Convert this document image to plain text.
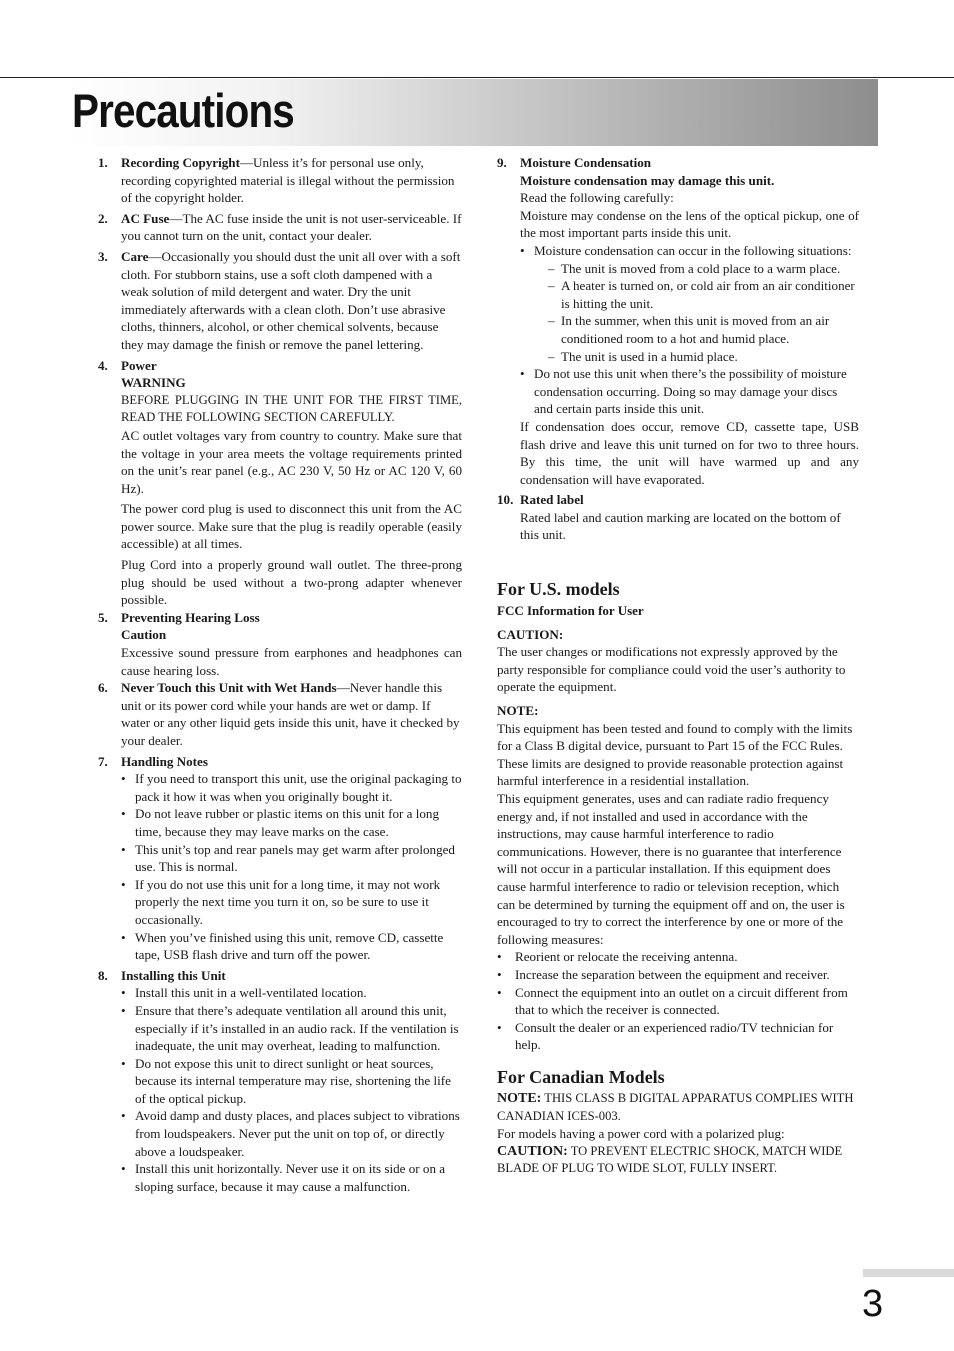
Precautions
1.	Recording Copyright—Unless it’s for personal use only, recording copyrighted material is illegal without the permission of the copyright holder.

2.	AC Fuse—The AC fuse inside the unit is not user-serviceable. If you cannot turn on the unit, contact your dealer.

3.	Care—Occasionally you should dust the unit all over with a soft cloth. For stubborn stains, use a soft cloth dampened with a weak solution of mild detergent and water. Dry the unit immediately afterwards with a clean cloth. Don’t use abrasive cloths, thinners, alcohol, or other chemical solvents, because they may damage the finish or remove the panel lettering.

4.	Power

WARNING

BEFORE PLUGGING IN THE UNIT FOR THE FIRST TIME, READ THE FOLLOWING SECTION CAREFULLY.

AC outlet voltages vary from country to country. Make sure that the voltage in your area meets the voltage requirements printed on the unit’s rear panel (e.g., AC 230 V, 50 Hz or AC 120 V, 60 Hz).

The power cord plug is used to disconnect this unit from the AC power source. Make sure that the plug is readily operable (easily accessible) at all times.

Plug Cord into a properly ground wall outlet. The three-prong plug should be used without a two-prong adapter whenever possible.

5.	Preventing Hearing Loss

Caution

Excessive sound pressure from earphones and headphones can cause hearing loss.

6.	Never Touch this Unit with Wet Hands—Never handle this unit or its power cord while your hands are wet or damp. If water or any other liquid gets inside this unit, have it checked by your dealer.

7.	Handling Notes

• If you need to transport this unit, use the original packaging to pack it how it was when you originally bought it.
• Do not leave rubber or plastic items on this unit for a long time, because they may leave marks on the case.
• This unit’s top and rear panels may get warm after prolonged use. This is normal.
• If you do not use this unit for a long time, it may not work properly the next time you turn it on, so be sure to use it occasionally.
• When you’ve finished using this unit, remove CD, cassette tape, USB flash drive and turn off the power.
8.	Installing this Unit

• Install this unit in a well-ventilated location.
• Ensure that there’s adequate ventilation all around this unit, especially if it’s installed in an audio rack. If the ventilation is inadequate, the unit may overheat, leading to malfunction.
• Do not expose this unit to direct sunlight or heat sources, because its internal temperature may rise, shortening the life of the optical pickup.
• Avoid damp and dusty places, and places subject to vibrations from loudspeakers. Never put the unit on top of, or directly above a loudspeaker.
• Install this unit horizontally. Never use it on its side or on a sloping surface, because it may cause a malfunction.
9.	Moisture Condensation

Moisture condensation may damage this unit.

Read the following carefully:

Moisture may condense on the lens of the optical pickup, one of the most important parts inside this unit.

• Moisture condensation can occur in the following situations:
– The unit is moved from a cold place to a warm place.
– A heater is turned on, or cold air from an air conditioner is hitting the unit.
– In the summer, when this unit is moved from an air conditioned room to a hot and humid place.
– The unit is used in a humid place.
• Do not use this unit when there’s the possibility of moisture condensation occurring. Doing so may damage your discs and certain parts inside this unit.

If condensation does occur, remove CD, cassette tape, USB flash drive and leave this unit turned on for two to three hours. By this time, the unit will have warmed up and any condensation will have evaporated.

10. Rated label

Rated label and caution marking are located on the bottom of this unit.

For U.S. models

FCC Information for User

CAUTION:

The user changes or modifications not expressly approved by the party responsible for compliance could void the user’s authority to operate the equipment.

NOTE:

This equipment has been tested and found to comply with the limits for a Class B digital device, pursuant to Part 15 of the FCC Rules. These limits are designed to provide reasonable protection against harmful interference in a residential installation.

This equipment generates, uses and can radiate radio frequency energy and, if not installed and used in accordance with the instructions, may cause harmful interference to radio communications. However, there is no guarantee that interference will not occur in a particular installation. If this equipment does cause harmful interference to radio or television reception, which can be determined by turning the equipment off and on, the user is encouraged to try to correct the interference by one or more of the following measures:

• Reorient or relocate the receiving antenna.
• Increase the separation between the equipment and receiver.
• Connect the equipment into an outlet on a circuit different from that to which the receiver is connected.
• Consult the dealer or an experienced radio/TV technician for help.
For Canadian Models

NOTE: THIS CLASS B DIGITAL APPARATUS COMPLIES WITH CANADIAN ICES-003.

For models having a power cord with a polarized plug:

CAUTION: TO PREVENT ELECTRIC SHOCK, MATCH WIDE BLADE OF PLUG TO WIDE SLOT, FULLY INSERT.

3
